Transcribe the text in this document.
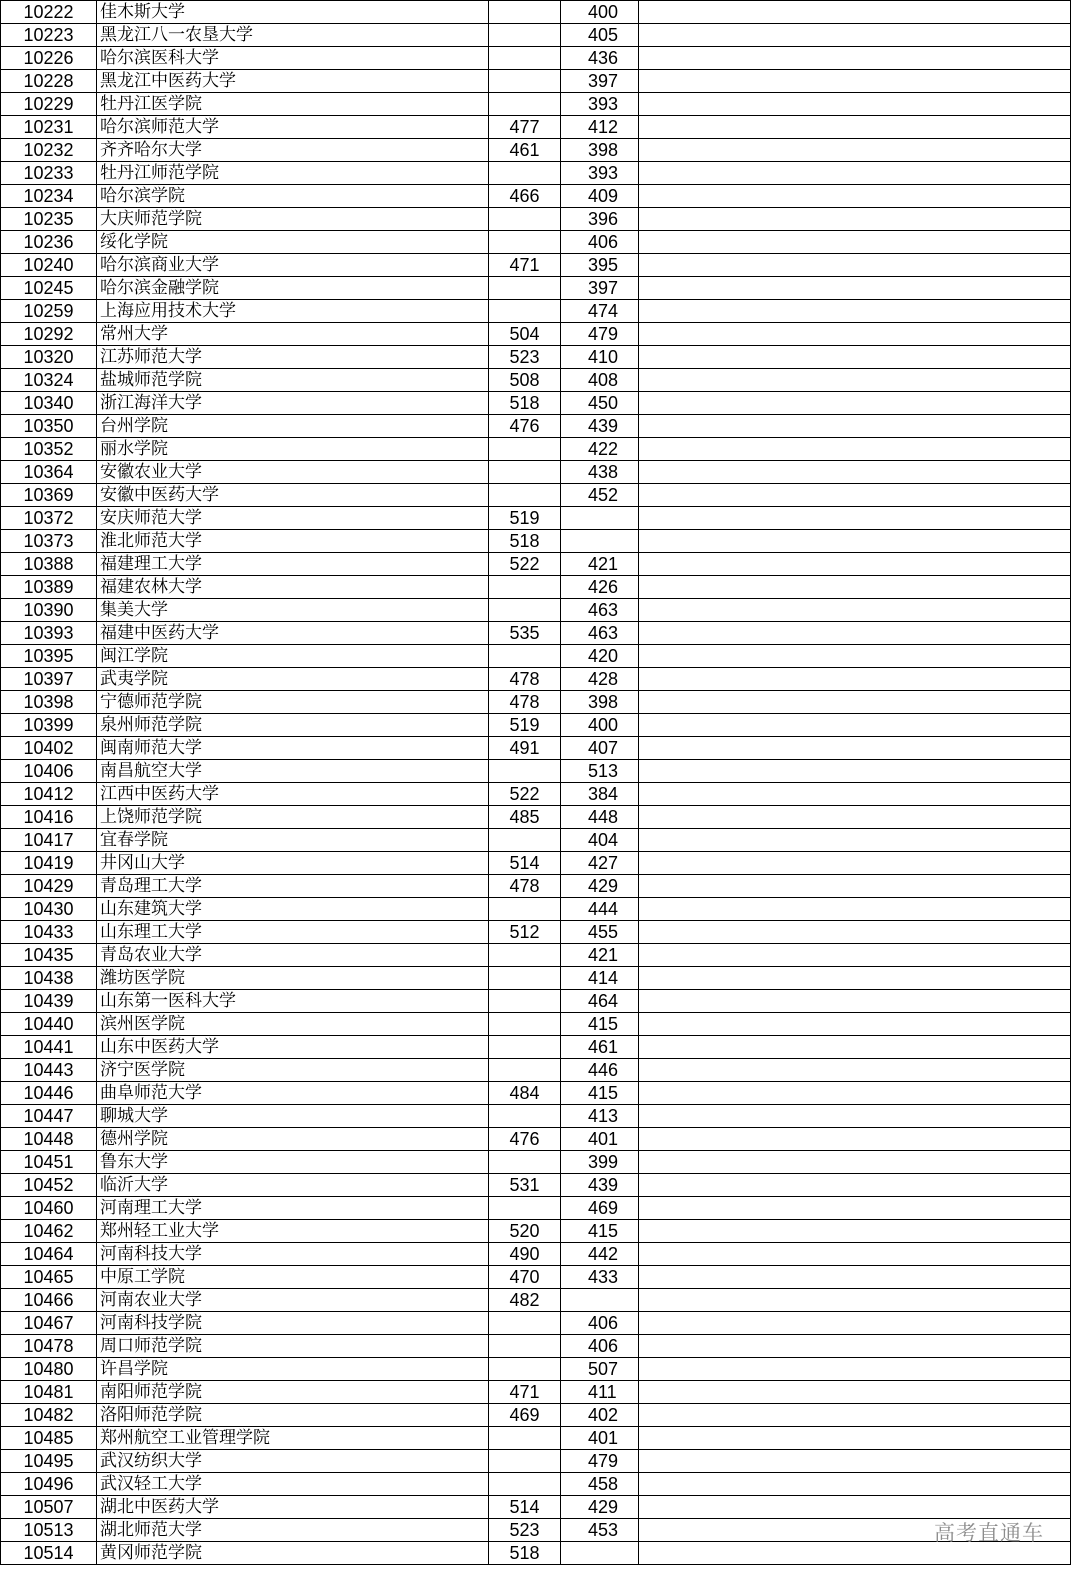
10222	佳木斯大学		400	
10223	黑龙江八一农垦大学		405	
10226	哈尔滨医科大学		436	
10228	黑龙江中医药大学		397	
10229	牡丹江医学院		393	
10231	哈尔滨师范大学	477	412	
10232	齐齐哈尔大学	461	398	
10233	牡丹江师范学院		393	
10234	哈尔滨学院	466	409	
10235	大庆师范学院		396	
10236	绥化学院		406	
10240	哈尔滨商业大学	471	395	
10245	哈尔滨金融学院		397	
10259	上海应用技术大学		474	
10292	常州大学	504	479	
10320	江苏师范大学	523	410	
10324	盐城师范学院	508	408	
10340	浙江海洋大学	518	450	
10350	台州学院	476	439	
10352	丽水学院		422	
10364	安徽农业大学		438	
10369	安徽中医药大学		452	
10372	安庆师范大学	519		
10373	淮北师范大学	518		
10388	福建理工大学	522	421	
10389	福建农林大学		426	
10390	集美大学		463	
10393	福建中医药大学	535	463	
10395	闽江学院		420	
10397	武夷学院	478	428	
10398	宁德师范学院	478	398	
10399	泉州师范学院	519	400	
10402	闽南师范大学	491	407	
10406	南昌航空大学		513	
10412	江西中医药大学	522	384	
10416	上饶师范学院	485	448	
10417	宜春学院		404	
10419	井冈山大学	514	427	
10429	青岛理工大学	478	429	
10430	山东建筑大学		444	
10433	山东理工大学	512	455	
10435	青岛农业大学		421	
10438	潍坊医学院		414	
10439	山东第一医科大学		464	
10440	滨州医学院		415	
10441	山东中医药大学		461	
10443	济宁医学院		446	
10446	曲阜师范大学	484	415	
10447	聊城大学		413	
10448	德州学院	476	401	
10451	鲁东大学		399	
10452	临沂大学	531	439	
10460	河南理工大学		469	
10462	郑州轻工业大学	520	415	
10464	河南科技大学	490	442	
10465	中原工学院	470	433	
10466	河南农业大学	482		
10467	河南科技学院		406	
10478	周口师范学院		406	
10480	许昌学院		507	
10481	南阳师范学院	471	411	
10482	洛阳师范学院	469	402	
10485	郑州航空工业管理学院		401	
10495	武汉纺织大学		479	
10496	武汉轻工大学		458	
10507	湖北中医药大学	514	429	
10513	湖北师范大学	523	453	
10514	黄冈师范学院	518		
高考直通车
